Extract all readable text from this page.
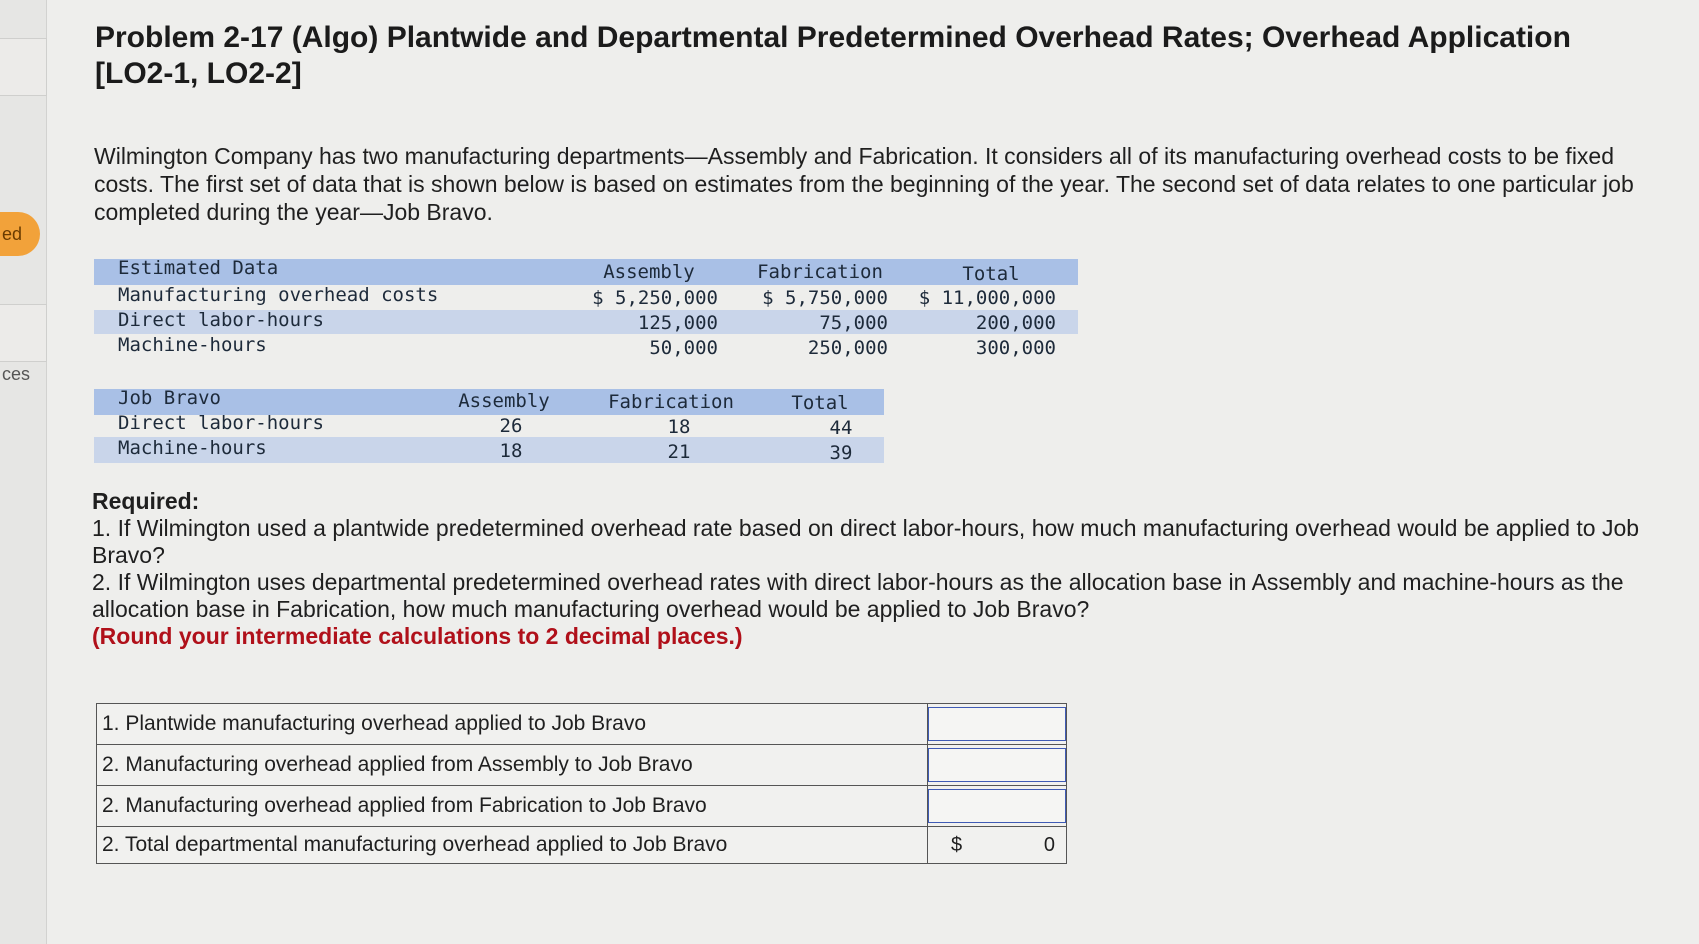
ed
ces
Problem 2-17 (Algo) Plantwide and Departmental Predetermined Overhead Rates; Overhead Application [LO2-1, LO2-2]

Wilmington Company has two manufacturing departments—Assembly and Fabrication. It considers all of its manufacturing overhead costs to be fixed costs. The first set of data that is shown below is based on estimates from the beginning of the year. The second set of data relates to one particular job completed during the year—Job Bravo.

Estimated Data	Assembly	Fabrication	Total
Manufacturing overhead costs	$ 5,250,000	$ 5,750,000	$ 11,000,000
Direct labor-hours	125,000	75,000	200,000
Machine-hours	50,000	250,000	300,000
Job Bravo	Assembly	Fabrication	Total
Direct labor-hours	26	18	44
Machine-hours	18	21	39

Required:

1. If Wilmington used a plantwide predetermined overhead rate based on direct labor-hours, how much manufacturing overhead would be applied to Job Bravo?

2. If Wilmington uses departmental predetermined overhead rates with direct labor-hours as the allocation base in Assembly and machine-hours as the allocation base in Fabrication, how much manufacturing overhead would be applied to Job Bravo?

(Round your intermediate calculations to 2 decimal places.)

1. Plantwide manufacturing overhead applied to Job Bravo	

2. Manufacturing overhead applied from Assembly to Job Bravo	

2. Manufacturing overhead applied from Fabrication to Job Bravo	

2. Total departmental manufacturing overhead applied to Job Bravo	$ 0
